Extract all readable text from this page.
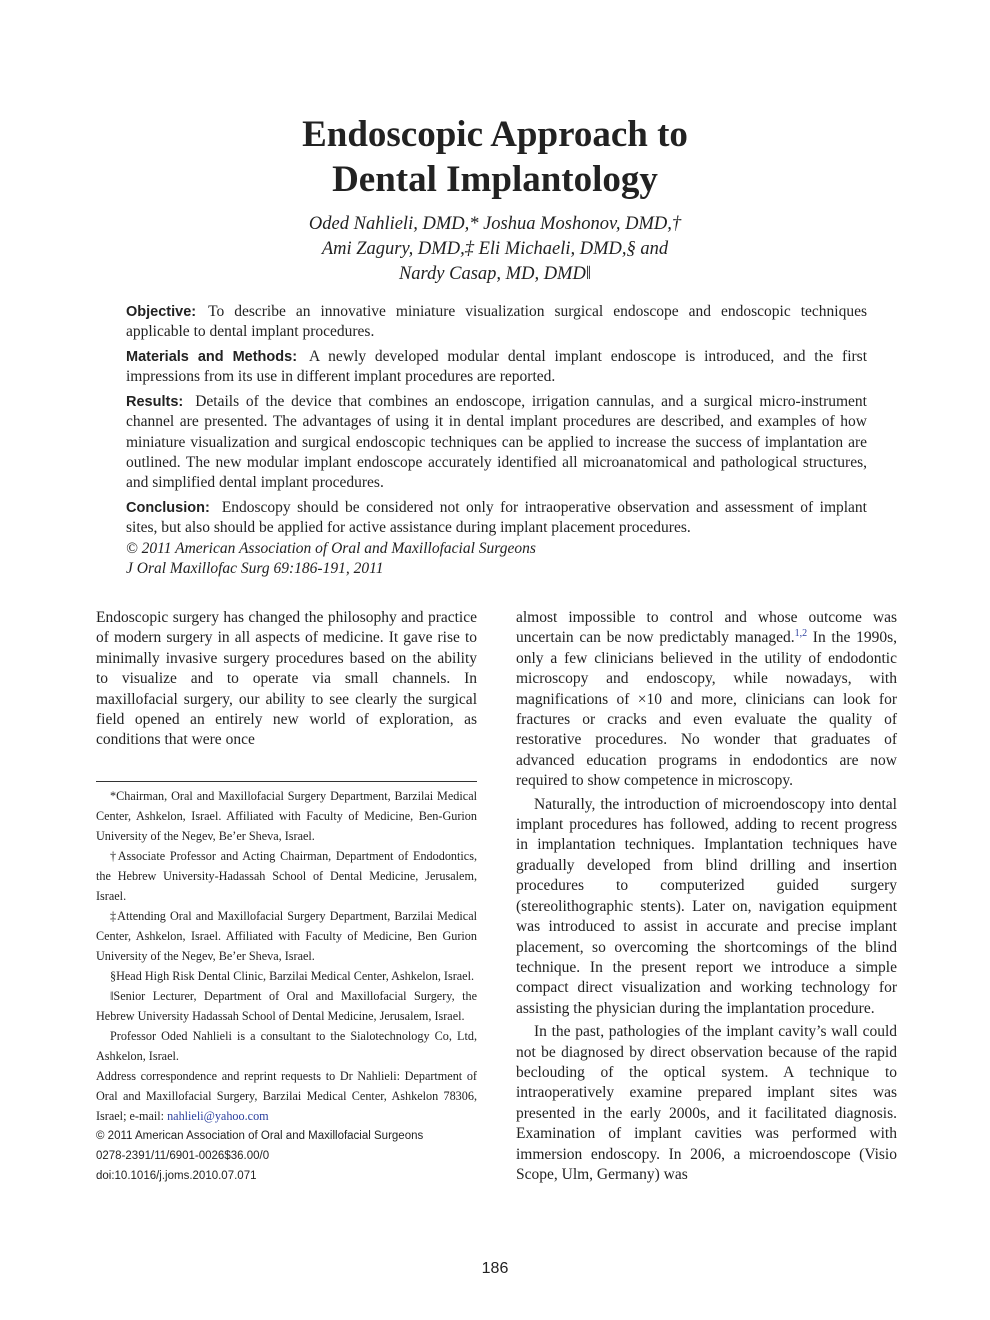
Endoscopic Approach to
Dental Implantology
Oded Nahlieli, DMD,* Joshua Moshonov, DMD,†
Ami Zagury, DMD,‡ Eli Michaeli, DMD,§ and
Nardy Casap, MD, DMD‖

Objective: To describe an innovative miniature visualization surgical endoscope and endoscopic techniques applicable to dental implant procedures.

Materials and Methods: A newly developed modular dental implant endoscope is introduced, and the first impressions from its use in different implant procedures are reported.

Results: Details of the device that combines an endoscope, irrigation cannulas, and a surgical micro-instrument channel are presented. The advantages of using it in dental implant procedures are described, and examples of how miniature visualization and surgical endoscopic techniques can be applied to increase the success of implantation are outlined. The new modular implant endoscope accurately identified all microanatomical and pathological structures, and simplified dental implant procedures.

Conclusion: Endoscopy should be considered not only for intraoperative observation and assessment of implant sites, but also should be applied for active assistance during implant placement procedures.

© 2011 American Association of Oral and Maxillofacial Surgeons

J Oral Maxillofac Surg 69:186-191, 2011

Endoscopic surgery has changed the philosophy and practice of modern surgery in all aspects of medicine. It gave rise to minimally invasive surgery procedures based on the ability to visualize and to operate via small channels. In maxillofacial surgery, our ability to see clearly the surgical field opened an entirely new world of exploration, as conditions that were once

*Chairman, Oral and Maxillofacial Surgery Department, Barzilai Medical Center, Ashkelon, Israel. Affiliated with Faculty of Medicine, Ben-Gurion University of the Negev, Be’er Sheva, Israel.

†Associate Professor and Acting Chairman, Department of Endodontics, the Hebrew University-Hadassah School of Dental Medicine, Jerusalem, Israel.

‡Attending Oral and Maxillofacial Surgery Department, Barzilai Medical Center, Ashkelon, Israel. Affiliated with Faculty of Medicine, Ben Gurion University of the Negev, Be’er Sheva, Israel.

§Head High Risk Dental Clinic, Barzilai Medical Center, Ashkelon, Israel.

‖Senior Lecturer, Department of Oral and Maxillofacial Surgery, the Hebrew University Hadassah School of Dental Medicine, Jerusalem, Israel.

Professor Oded Nahlieli is a consultant to the Sialotechnology Co, Ltd, Ashkelon, Israel.

Address correspondence and reprint requests to Dr Nahlieli: Department of Oral and Maxillofacial Surgery, Barzilai Medical Center, Ashkelon 78306, Israel; e-mail: nahlieli@yahoo.com

© 2011 American Association of Oral and Maxillofacial Surgeons

0278-2391/11/6901-0026$36.00/0

doi:10.1016/j.joms.2010.07.071

almost impossible to control and whose outcome was uncertain can be now predictably managed.$^{1,2}$ In the 1990s, only a few clinicians believed in the utility of endodontic microscopy and endoscopy, while nowadays, with magnifications of ×10 and more, clinicians can look for fractures or cracks and even evaluate the quality of restorative procedures. No wonder that graduates of advanced education programs in endodontics are now required to show competence in microscopy.

Naturally, the introduction of microendoscopy into dental implant procedures has followed, adding to recent progress in implantation techniques. Implantation techniques have gradually developed from blind drilling and insertion procedures to computerized guided surgery (stereolithographic stents). Later on, navigation equipment was introduced to assist in accurate and precise implant placement, so overcoming the shortcomings of the blind technique. In the present report we introduce a simple compact direct visualization and working technology for assisting the physician during the implantation procedure.

In the past, pathologies of the implant cavity’s wall could not be diagnosed by direct observation because of the rapid beclouding of the optical system. A technique to intraoperatively examine prepared implant sites was presented in the early 2000s, and it facilitated diagnosis. Examination of implant cavities was performed with immersion endoscopy. In 2006, a microendoscope (Visio Scope, Ulm, Germany) was

186
